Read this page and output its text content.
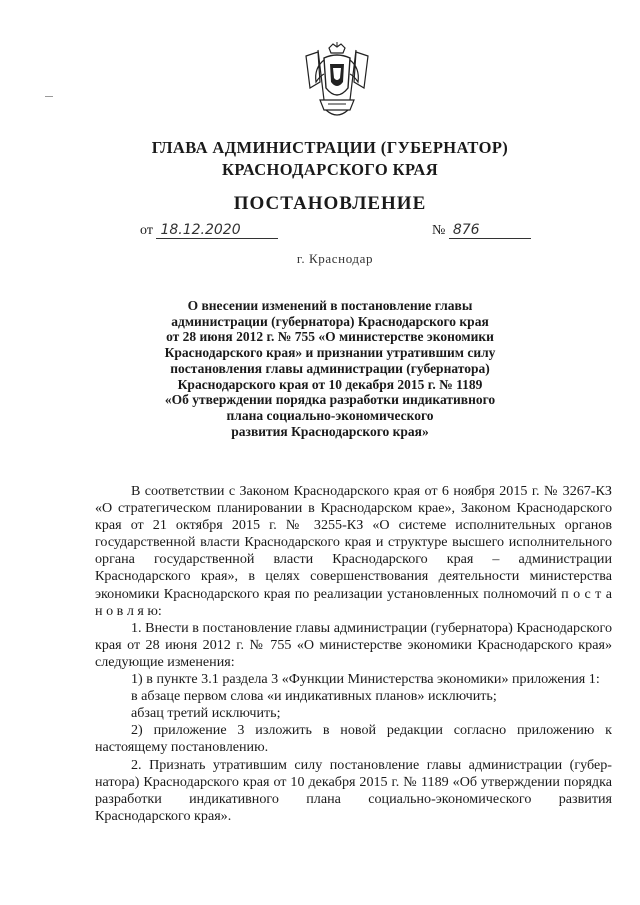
ГЛАВА АДМИНИСТРАЦИИ (ГУБЕРНАТОР)
КРАСНОДАРСКОГО КРАЯ
ПОСТАНОВЛЕНИЕ
от 18.12.2020	№ 876
г. Краснодар
О внесении изменений в постановление главы
администрации (губернатора) Краснодарского края
от 28 июня 2012 г. № 755 «О министерстве экономики
Краснодарского края» и признании утратившим силу
постановления главы администрации (губернатора)
Краснодарского края от 10 декабря 2015 г. № 1189
«Об утверждении порядка разработки индикативного
плана социально-экономического
развития Краснодарского края»

В соответствии с Законом Краснодарского края от 6 ноября 2015 г. № 3267-КЗ «О стратегическом планировании в Краснодарском крае», Законом Краснодарского края от 21 октября 2015 г. № 3255-КЗ «О системе исполнительных органов государственной власти Краснодарского края и структуре высшего исполнительного органа государственной власти Краснодарского края – администрации Краснодарского края», в целях совершенствования деятельности министерства экономики Краснодарского края по реализации установленных полномочий п о с т а н о в л я ю:

1. Внести в постановление главы администрации (губернатора) Краснодарского края от 28 июня 2012 г. № 755 «О министерстве экономики Краснодарского края» следующие изменения:

1) в пункте 3.1 раздела 3 «Функции Министерства экономики» приложения 1:

в абзаце первом слова «и индикативных планов» исключить;

абзац третий исключить;

2) приложение 3 изложить в новой редакции согласно приложению к настоящему постановлению.

2. Признать утратившим силу постановление главы администрации (губернатора) Краснодарского края от 10 декабря 2015 г. № 1189 «Об утверждении порядка разработки индикативного плана социально-экономического развития Краснодарского края».
